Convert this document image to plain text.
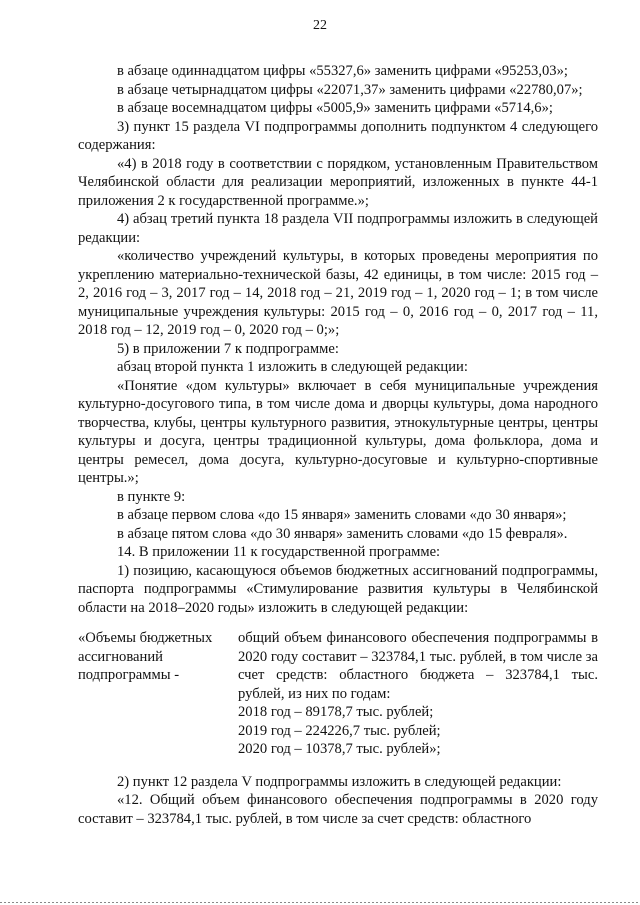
22

в абзаце одиннадцатом цифры «55327,6» заменить цифрами «95253,03»;

в абзаце четырнадцатом цифры «22071,37» заменить цифрами «22780,07»;

в абзаце восемнадцатом цифры «5005,9» заменить цифрами «5714,6»;

3) пункт 15 раздела VI подпрограммы дополнить подпунктом 4 следующего содержания:

«4) в 2018 году в соответствии с порядком, установленным Правительством Челябинской области для реализации мероприятий, изложенных в пункте 44-1 приложения 2 к государственной программе.»;

4) абзац третий пункта 18 раздела VII подпрограммы изложить в следующей редакции:

«количество учреждений культуры, в которых проведены мероприятия по укреплению материально-технической базы, 42 единицы, в том числе: 2015 год – 2, 2016 год – 3, 2017 год – 14, 2018 год – 21, 2019 год – 1, 2020 год – 1; в том числе муниципальные учреждения культуры: 2015 год – 0, 2016 год – 0, 2017 год – 11, 2018 год – 12, 2019 год – 0, 2020 год – 0;»;

5) в приложении 7 к подпрограмме:

абзац второй пункта 1 изложить в следующей редакции:

«Понятие «дом культуры» включает в себя муниципальные учреждения культурно-досугового типа, в том числе дома и дворцы культуры, дома народного творчества, клубы, центры культурного развития, этнокультурные центры, центры культуры и досуга, центры традиционной культуры, дома фольклора, дома и центры ремесел, дома досуга, культурно-досуговые и культурно-спортивные центры.»;

в пункте 9:

в абзаце первом слова «до 15 января» заменить словами «до 30 января»;

в абзаце пятом слова «до 30 января» заменить словами «до 15 февраля».

14. В приложении 11 к государственной программе:

1) позицию, касающуюся объемов бюджетных ассигнований подпрограммы, паспорта подпрограммы «Стимулирование развития культуры в Челябинской области на 2018–2020 годы» изложить в следующей редакции:

«Объемы бюджетных ассигнований подпрограммы -

общий объем финансового обеспечения подпрограммы в 2020 году составит – 323784,1 тыс. рублей, в том числе за счет средств: областного бюджета – 323784,1 тыс. рублей, из них по годам:

2018 год – 89178,7 тыс. рублей;

2019 год – 224226,7 тыс. рублей;

2020 год – 10378,7 тыс. рублей»;

2) пункт 12 раздела V подпрограммы изложить в следующей редакции:

«12. Общий объем финансового обеспечения подпрограммы в 2020 году составит – 323784,1 тыс. рублей, в том числе за счет средств: областного
